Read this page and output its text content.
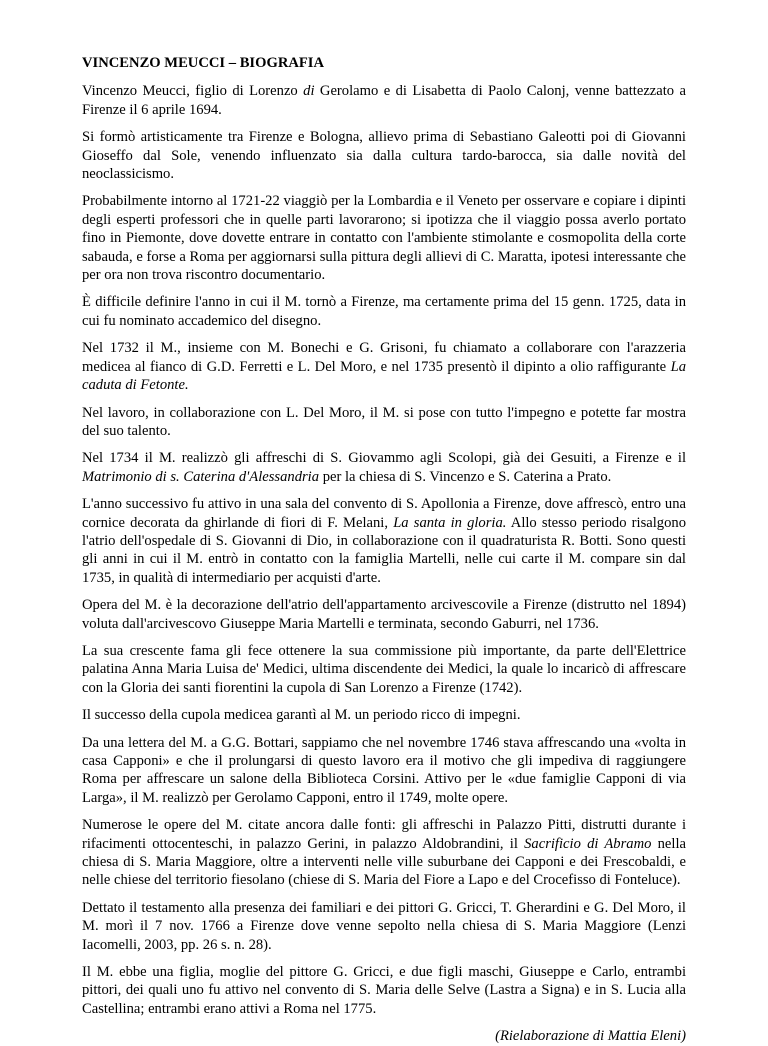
VINCENZO MEUCCI – BIOGRAFIA

Vincenzo Meucci, figlio di Lorenzo di Gerolamo e di Lisabetta di Paolo Calonj, venne battezzato a Firenze il 6 aprile 1694.

Si formò artisticamente tra Firenze e Bologna, allievo prima di Sebastiano Galeotti poi di Giovanni Gioseffo dal Sole, venendo influenzato sia dalla cultura tardo-barocca, sia dalle novità del neoclassicismo.

Probabilmente intorno al 1721-22 viaggiò per la Lombardia e il Veneto per osservare e copiare i dipinti degli esperti professori che in quelle parti lavorarono; si ipotizza che il viaggio possa averlo portato fino in Piemonte, dove dovette entrare in contatto con l'ambiente stimolante e cosmopolita della corte sabauda, e forse a Roma per aggiornarsi sulla pittura degli allievi di C. Maratta, ipotesi interessante che per ora non trova riscontro documentario.

È difficile definire l'anno in cui il M. tornò a Firenze, ma certamente prima del 15 genn. 1725, data in cui fu nominato accademico del disegno.

Nel 1732 il M., insieme con M. Bonechi e G. Grisoni, fu chiamato a collaborare con l'arazzeria medicea al fianco di G.D. Ferretti e L. Del Moro, e nel 1735 presentò il dipinto a olio raffigurante La caduta di Fetonte.

Nel lavoro, in collaborazione con L. Del Moro, il M. si pose con tutto l'impegno e potette far mostra del suo talento.

Nel 1734 il M. realizzò gli affreschi di S. Giovammo agli Scolopi, già dei Gesuiti, a Firenze e il Matrimonio di s. Caterina d'Alessandria per la chiesa di S. Vincenzo e S. Caterina a Prato.

L'anno successivo fu attivo in una sala del convento di S. Apollonia a Firenze, dove affrescò, entro una cornice decorata da ghirlande di fiori di F. Melani, La santa in gloria. Allo stesso periodo risalgono l'atrio dell'ospedale di S. Giovanni di Dio, in collaborazione con il quadraturista R. Botti. Sono questi gli anni in cui il M. entrò in contatto con la famiglia Martelli, nelle cui carte il M. compare sin dal 1735, in qualità di intermediario per acquisti d'arte.

Opera del M. è la decorazione dell'atrio dell'appartamento arcivescovile a Firenze (distrutto nel 1894) voluta dall'arcivescovo Giuseppe Maria Martelli e terminata, secondo Gaburri, nel 1736.

La sua crescente fama gli fece ottenere la sua commissione più importante, da parte dell'Elettrice palatina Anna Maria Luisa de' Medici, ultima discendente dei Medici, la quale lo incaricò di affrescare con la Gloria dei santi fiorentini la cupola di San Lorenzo a Firenze (1742).

Il successo della cupola medicea garantì al M. un periodo ricco di impegni.

Da una lettera del M. a G.G. Bottari, sappiamo che nel novembre 1746 stava affrescando una «volta in casa Capponi» e che il prolungarsi di questo lavoro era il motivo che gli impediva di raggiungere Roma per affrescare un salone della Biblioteca Corsini. Attivo per le «due famiglie Capponi di via Larga», il M. realizzò per Gerolamo Capponi, entro il 1749, molte opere.

Numerose le opere del M. citate ancora dalle fonti: gli affreschi in Palazzo Pitti, distrutti durante i rifacimenti ottocenteschi, in palazzo Gerini, in palazzo Aldobrandini, il Sacrificio di Abramo nella chiesa di S. Maria Maggiore, oltre a interventi nelle ville suburbane dei Capponi e dei Frescobaldi, e nelle chiese del territorio fiesolano (chiese di S. Maria del Fiore a Lapo e del Crocefisso di Fonteluce).

Dettato il testamento alla presenza dei familiari e dei pittori G. Gricci, T. Gherardini e G. Del Moro, il M. morì il 7 nov. 1766 a Firenze dove venne sepolto nella chiesa di S. Maria Maggiore (Lenzi Iacomelli, 2003, pp. 26 s. n. 28).

Il M. ebbe una figlia, moglie del pittore G. Gricci, e due figli maschi, Giuseppe e Carlo, entrambi pittori, dei quali uno fu attivo nel convento di S. Maria delle Selve (Lastra a Signa) e in S. Lucia alla Castellina; entrambi erano attivi a Roma nel 1775.

(Rielaborazione di Mattia Eleni)
